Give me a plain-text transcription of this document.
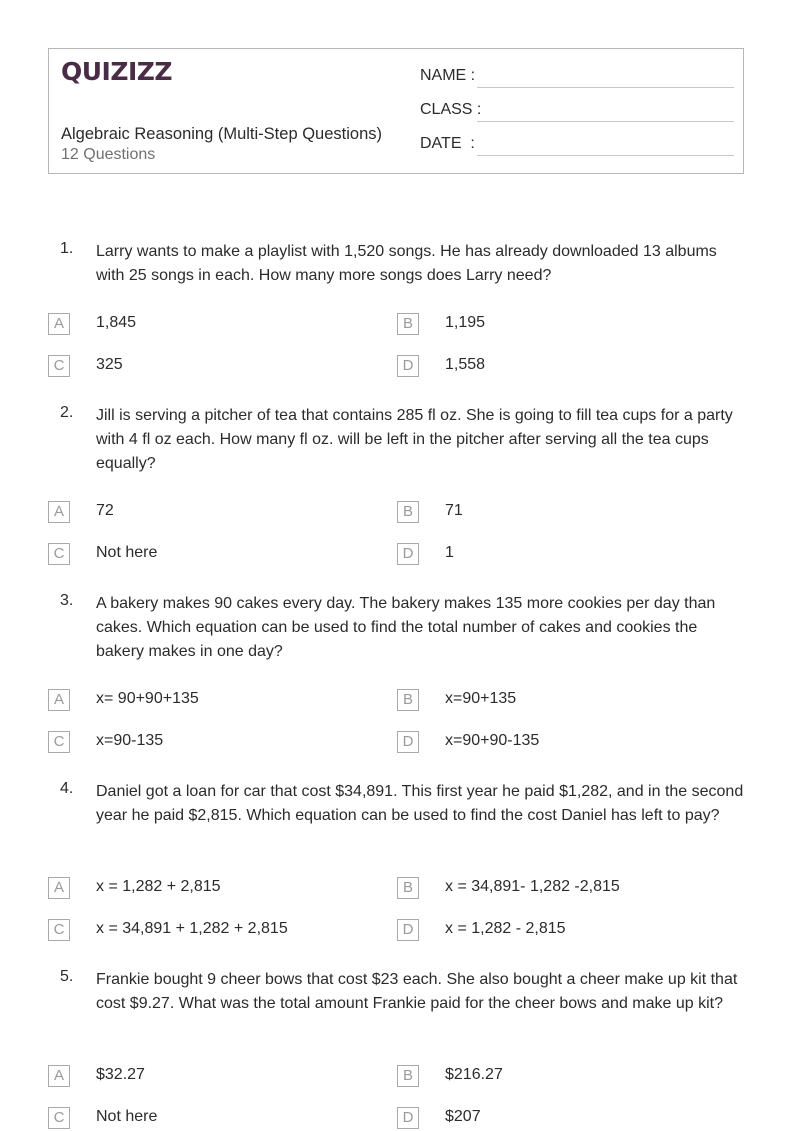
QUIZIZZ
Algebraic Reasoning (Multi-Step Questions)
12 Questions
NAME :
CLASS :
DATE  :
1. Larry wants to make a playlist with 1,520 songs. He has already downloaded 13 albums with 25 songs in each. How many more songs does Larry need?
A	1,845	B	1,195
C	325	D	1,558
2. Jill is serving a pitcher of tea that contains 285 fl oz. She is going to fill tea cups for a party with 4 fl oz each. How many fl oz. will be left in the pitcher after serving all the tea cups equally?
A	72	B	71
C	Not here	D	1
3. A bakery makes 90 cakes every day. The bakery makes 135 more cookies per day than cakes. Which equation can be used to find the total number of cakes and cookies the bakery makes in one day?
A	x= 90+90+135	B	x=90+135
C	x=90-135	D	x=90+90-135
4. Daniel got a loan for car that cost $34,891. This first year he paid $1,282, and in the second year he paid $2,815. Which equation can be used to find the cost Daniel has left to pay?
A	x = 1,282 + 2,815	B	x = 34,891- 1,282 -2,815
C	x = 34,891 + 1,282 + 2,815	D	x = 1,282 - 2,815
5. Frankie bought 9 cheer bows that cost $23 each. She also bought a cheer make up kit that cost $9.27. What was the total amount Frankie paid for the cheer bows and make up kit?
A	$32.27	B	$216.27
C	Not here	D	$207
